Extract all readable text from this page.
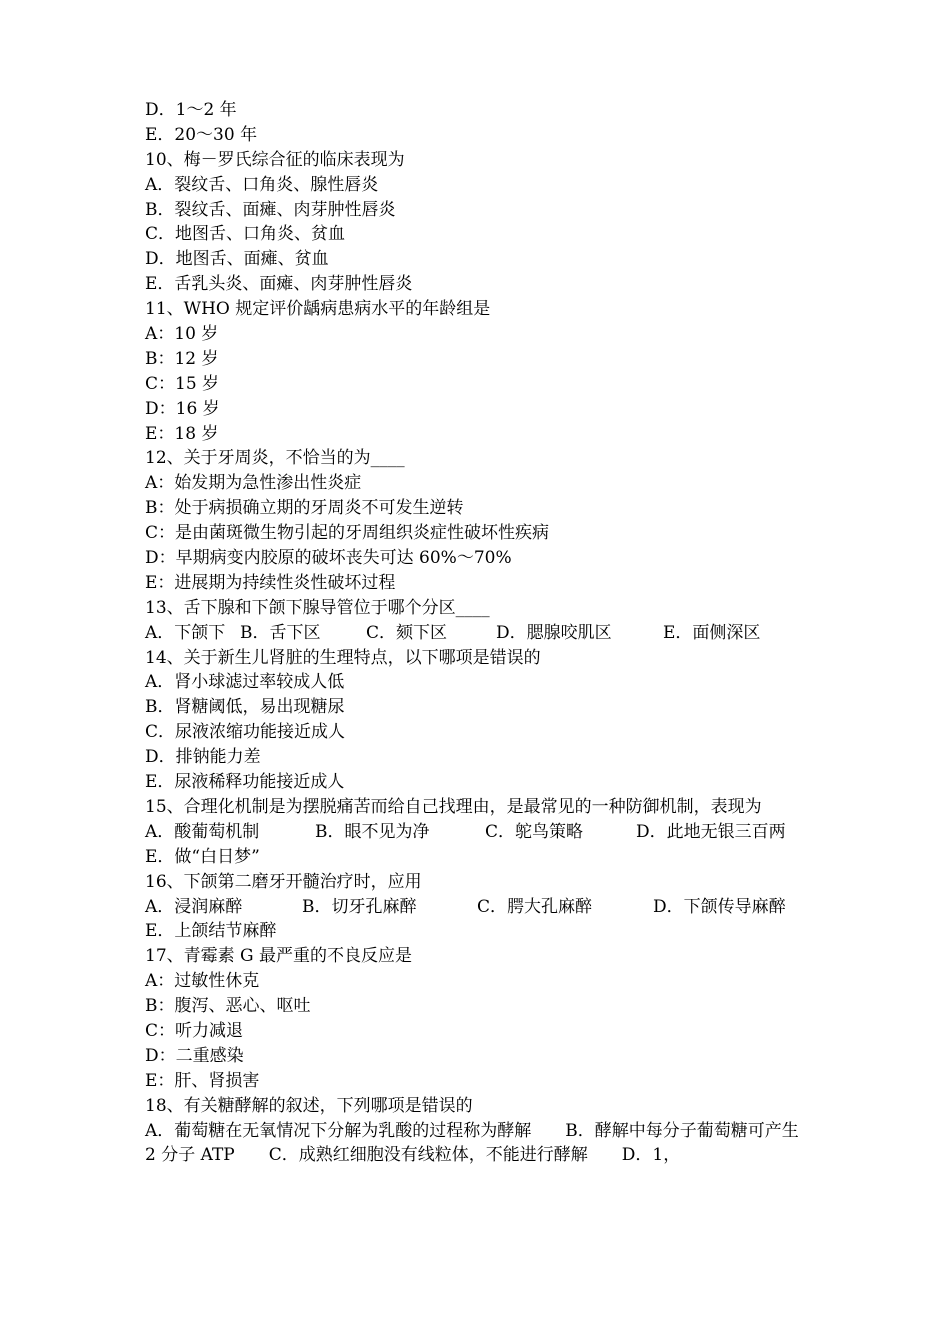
D．1～2 年
E．20～30 年
10、梅－罗氏综合征的临床表现为
A．裂纹舌、口角炎、腺性唇炎
B．裂纹舌、面瘫、肉芽肿性唇炎
C．地图舌、口角炎、贫血
D．地图舌、面瘫、贫血
E．舌乳头炎、面瘫、肉芽肿性唇炎
11、WHO 规定评价龋病患病水平的年龄组是
A：10 岁
B：12 岁
C：15 岁
D：16 岁
E：18 岁
12、关于牙周炎，不恰当的为____
A：始发期为急性渗出性炎症
B：处于病损确立期的牙周炎不可发生逆转
C：是由菌斑微生物引起的牙周组织炎症性破坏性疾病
D：早期病变内胶原的破坏丧失可达 60%～70%
E：进展期为持续性炎性破坏过程
13、舌下腺和下颌下腺导管位于哪个分区____
A．下颌下 B．舌下区	C．颏下区	D．腮腺咬肌区	E．面侧深区
14、关于新生儿肾脏的生理特点，以下哪项是错误的
A．肾小球滤过率较成人低
B．肾糖阈低，易出现糖尿
C．尿液浓缩功能接近成人
D．排钠能力差
E．尿液稀释功能接近成人
15、合理化机制是为摆脱痛苦而给自己找理由，是最常见的一种防御机制，表现为
A．酸葡萄机制	B．眼不见为净	C．鸵鸟策略	D．此地无银三百两
E．做“白日梦”
16、下颌第二磨牙开髓治疗时，应用
A．浸润麻醉	B．切牙孔麻醉	C．腭大孔麻醉	D．下颌传导麻醉
E．上颌结节麻醉
17、青霉素 G 最严重的不良反应是
A：过敏性休克
B：腹泻、恶心、呕吐
C：听力减退
D：二重感染
E：肝、肾损害
18、有关糖酵解的叙述，下列哪项是错误的
A．葡萄糖在无氧情况下分解为乳酸的过程称为酵解　　B．酵解中每分子葡萄糖可产生 2 分子 ATP　　C．成熟红细胞没有线粒体，不能进行酵解　　D．1，
